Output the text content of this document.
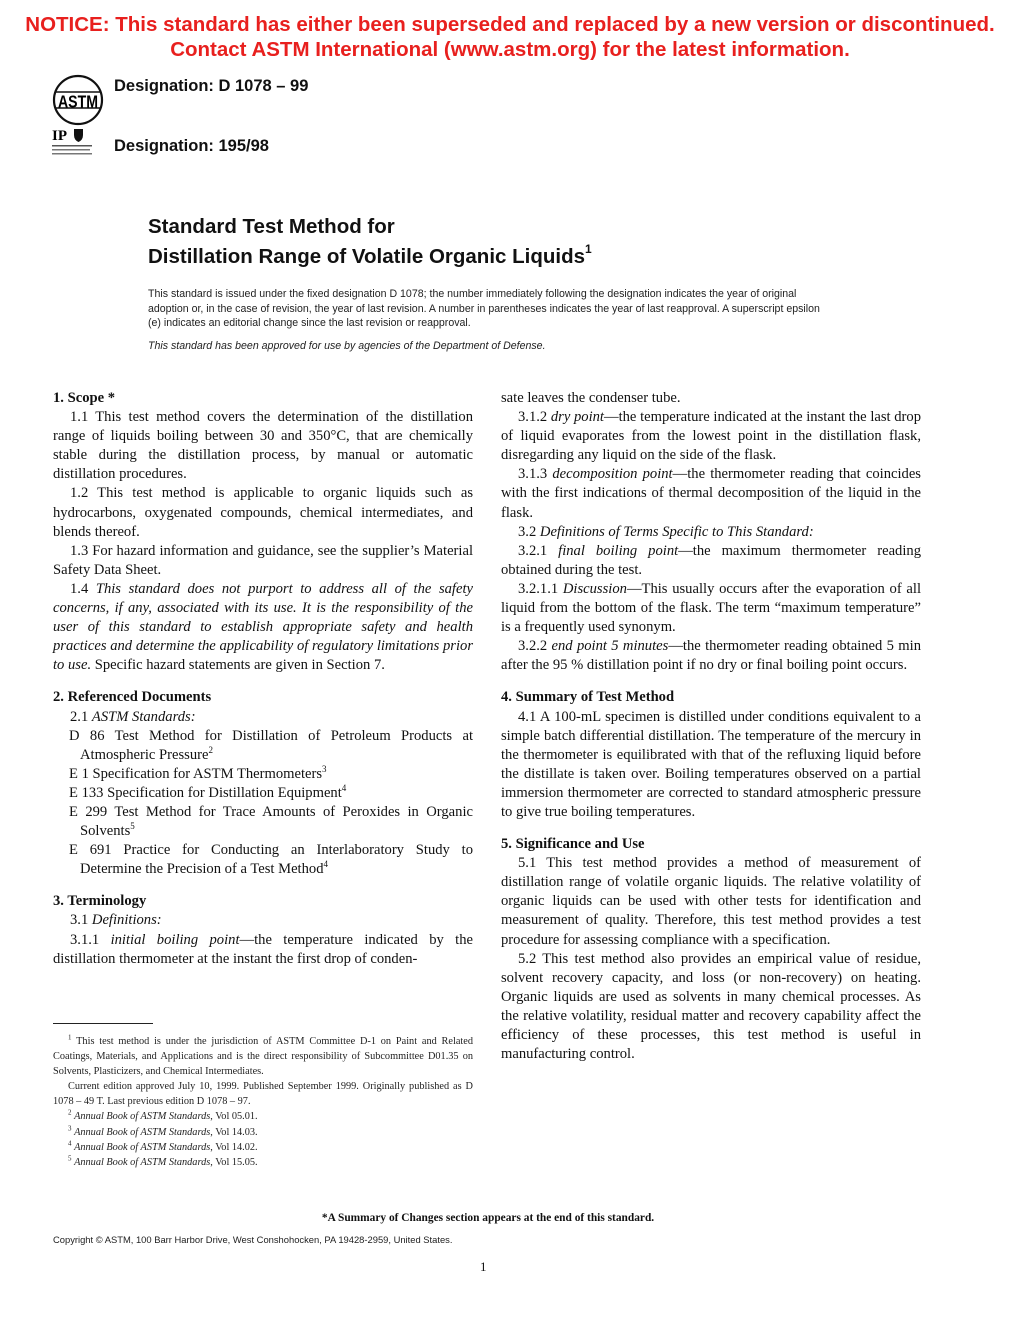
NOTICE: This standard has either been superseded and replaced by a new version or discontinued.
Contact ASTM International (www.astm.org) for the latest information.
ASTM
Designation: D 1078 – 99
IP
Designation: 195/98
Standard Test Method for
Distillation Range of Volatile Organic Liquids$^1$

This standard is issued under the fixed designation D 1078; the number immediately following the designation indicates the year of original adoption or, in the case of revision, the year of last revision. A number in parentheses indicates the year of last reapproval. A superscript epsilon (e) indicates an editorial change since the last revision or reapproval.

This standard has been approved for use by agencies of the Department of Defense.

1. Scope *

1.1 This test method covers the determination of the distillation range of liquids boiling between 30 and 350°C, that are chemically stable during the distillation process, by manual or automatic distillation procedures.

1.2 This test method is applicable to organic liquids such as hydrocarbons, oxygenated compounds, chemical intermediates, and blends thereof.

1.3 For hazard information and guidance, see the supplier’s Material Safety Data Sheet.

1.4 This standard does not purport to address all of the safety concerns, if any, associated with its use. It is the responsibility of the user of this standard to establish appropriate safety and health practices and determine the applicability of regulatory limitations prior to use. Specific hazard statements are given in Section 7.

2. Referenced Documents

2.1 ASTM Standards:

D 86 Test Method for Distillation of Petroleum Products at Atmospheric Pressure$^2$

E 1 Specification for ASTM Thermometers$^3$

E 133 Specification for Distillation Equipment$^4$

E 299 Test Method for Trace Amounts of Peroxides in Organic Solvents$^5$

E 691 Practice for Conducting an Interlaboratory Study to Determine the Precision of a Test Method$^4$

3. Terminology

3.1 Definitions:

3.1.1 initial boiling point—the temperature indicated by the distillation thermometer at the instant the first drop of conden-

sate leaves the condenser tube.

3.1.2 dry point—the temperature indicated at the instant the last drop of liquid evaporates from the lowest point in the distillation flask, disregarding any liquid on the side of the flask.

3.1.3 decomposition point—the thermometer reading that coincides with the first indications of thermal decomposition of the liquid in the flask.

3.2 Definitions of Terms Specific to This Standard:

3.2.1 final boiling point—the maximum thermometer reading obtained during the test.

3.2.1.1 Discussion—This usually occurs after the evaporation of all liquid from the bottom of the flask. The term “maximum temperature” is a frequently used synonym.

3.2.2 end point 5 minutes—the thermometer reading obtained 5 min after the 95 % distillation point if no dry or final boiling point occurs.

4. Summary of Test Method

4.1 A 100-mL specimen is distilled under conditions equivalent to a simple batch differential distillation. The temperature of the mercury in the thermometer is equilibrated with that of the refluxing liquid before the distillate is taken over. Boiling temperatures observed on a partial immersion thermometer are corrected to standard atmospheric pressure to give true boiling temperatures.

5. Significance and Use

5.1 This test method provides a method of measurement of distillation range of volatile organic liquids. The relative volatility of organic liquids can be used with other tests for identification and measurement of quality. Therefore, this test method provides a test procedure for assessing compliance with a specification.

5.2 This test method also provides an empirical value of residue, solvent recovery capacity, and loss (or non-recovery) on heating. Organic liquids are used as solvents in many chemical processes. As the relative volatility, residual matter and recovery capability affect the efficiency of these processes, this test method is useful in manufacturing control.

$^1$ This test method is under the jurisdiction of ASTM Committee D-1 on Paint and Related Coatings, Materials, and Applications and is the direct responsibility of Subcommittee D01.35 on Solvents, Plasticizers, and Chemical Intermediates.

Current edition approved July 10, 1999. Published September 1999. Originally published as D 1078 – 49 T. Last previous edition D 1078 – 97.

$^2$ Annual Book of ASTM Standards, Vol 05.01.

$^3$ Annual Book of ASTM Standards, Vol 14.03.

$^4$ Annual Book of ASTM Standards, Vol 14.02.

$^5$ Annual Book of ASTM Standards, Vol 15.05.

*A Summary of Changes section appears at the end of this standard.
Copyright © ASTM, 100 Barr Harbor Drive, West Conshohocken, PA 19428-2959, United States.
1
